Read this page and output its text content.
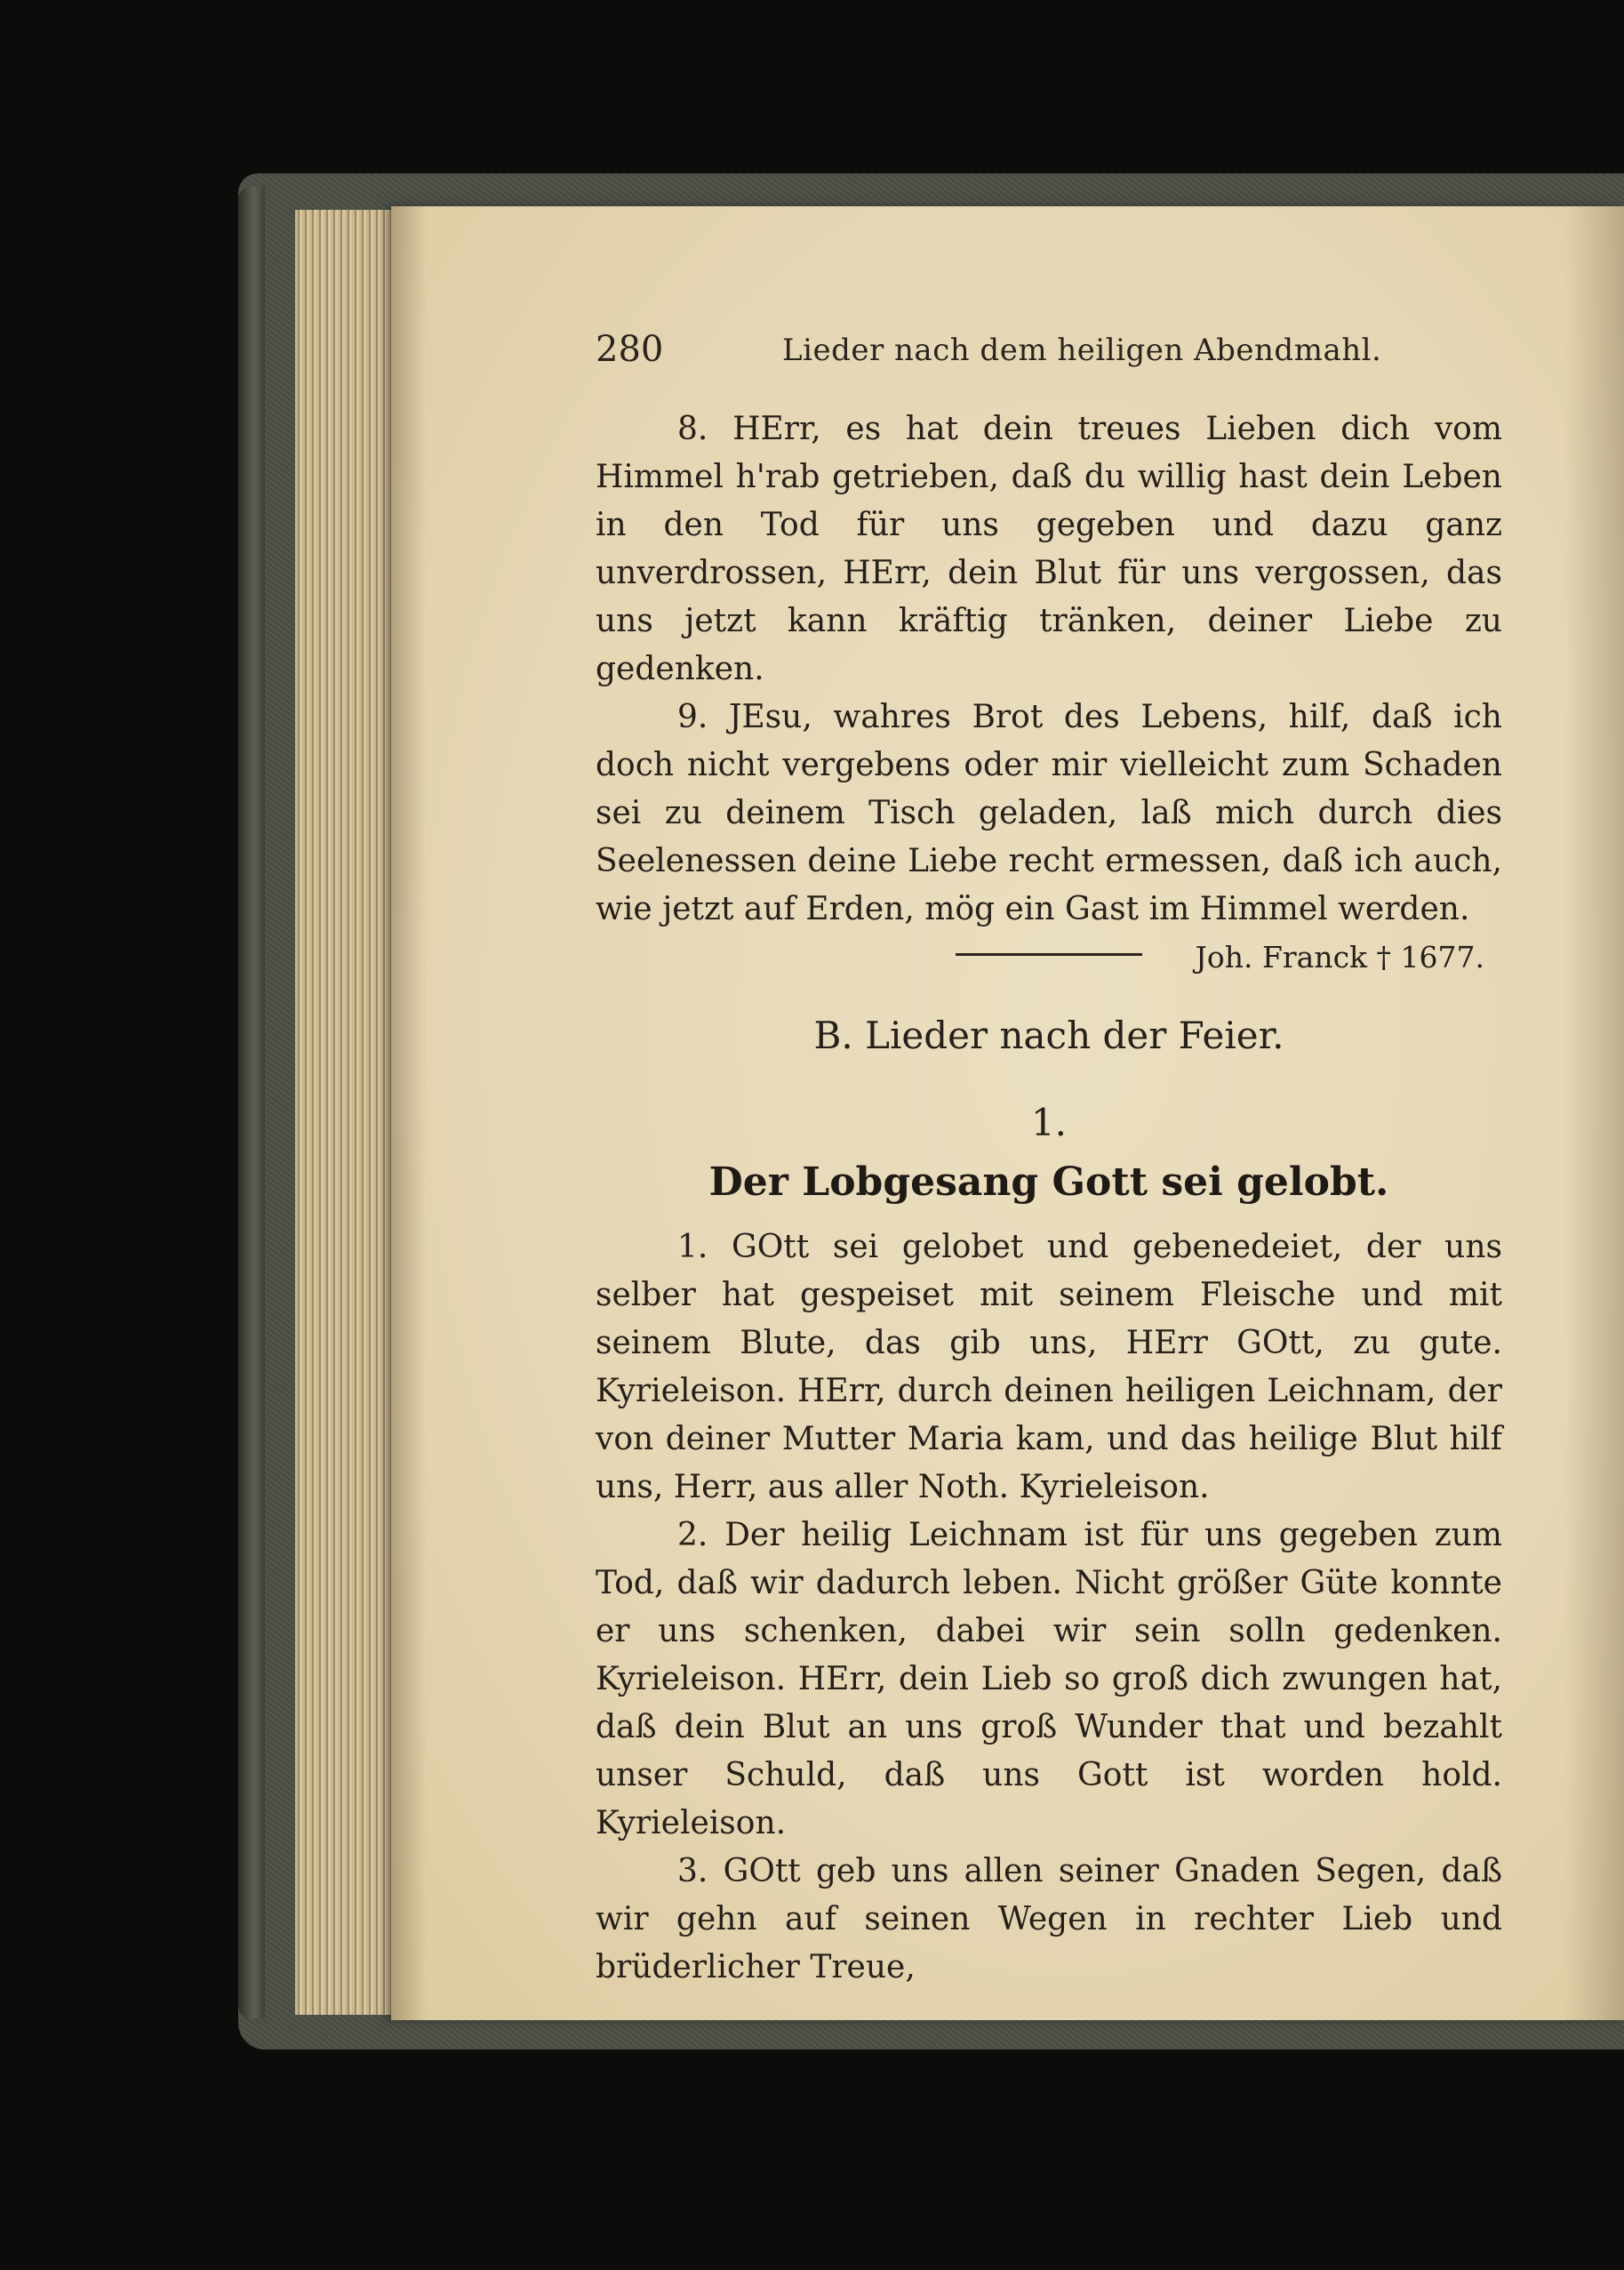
280	Lieder nach dem heiligen Abendmahl.

8. HErr, es hat dein treues Lieben dich vom Himmel h'rab getrieben, daß du willig hast dein Leben in den Tod für uns gegeben und dazu ganz unverdrossen, HErr, dein Blut für uns vergossen, das uns jetzt kann kräftig tränken, deiner Liebe zu gedenken.

9. JEsu, wahres Brot des Lebens, hilf, daß ich doch nicht vergebens oder mir vielleicht zum Schaden sei zu deinem Tisch geladen, laß mich durch dies Seelenessen deine Liebe recht ermessen, daß ich auch, wie jetzt auf Erden, mög ein Gast im Himmel werden.

Joh. Franck † 1677.

B. Lieder nach der Feier.
1.
Der Lobgesang Gott sei gelobt.

1. GOtt sei gelobet und gebenedeiet, der uns selber hat gespeiset mit seinem Fleische und mit seinem Blute, das gib uns, HErr GOtt, zu gute. Kyrieleison. HErr, durch deinen heiligen Leichnam, der von deiner Mutter Maria kam, und das heilige Blut hilf uns, Herr, aus aller Noth. Kyrieleison.

2. Der heilig Leichnam ist für uns gegeben zum Tod, daß wir dadurch leben. Nicht größer Güte konnte er uns schenken, dabei wir sein solln gedenken. Kyrieleison. HErr, dein Lieb so groß dich zwungen hat, daß dein Blut an uns groß Wunder that und bezahlt unser Schuld, daß uns Gott ist worden hold. Kyrieleison.

3. GOtt geb uns allen seiner Gnaden Segen, daß wir gehn auf seinen Wegen in rechter Lieb und brüderlicher Treue,
